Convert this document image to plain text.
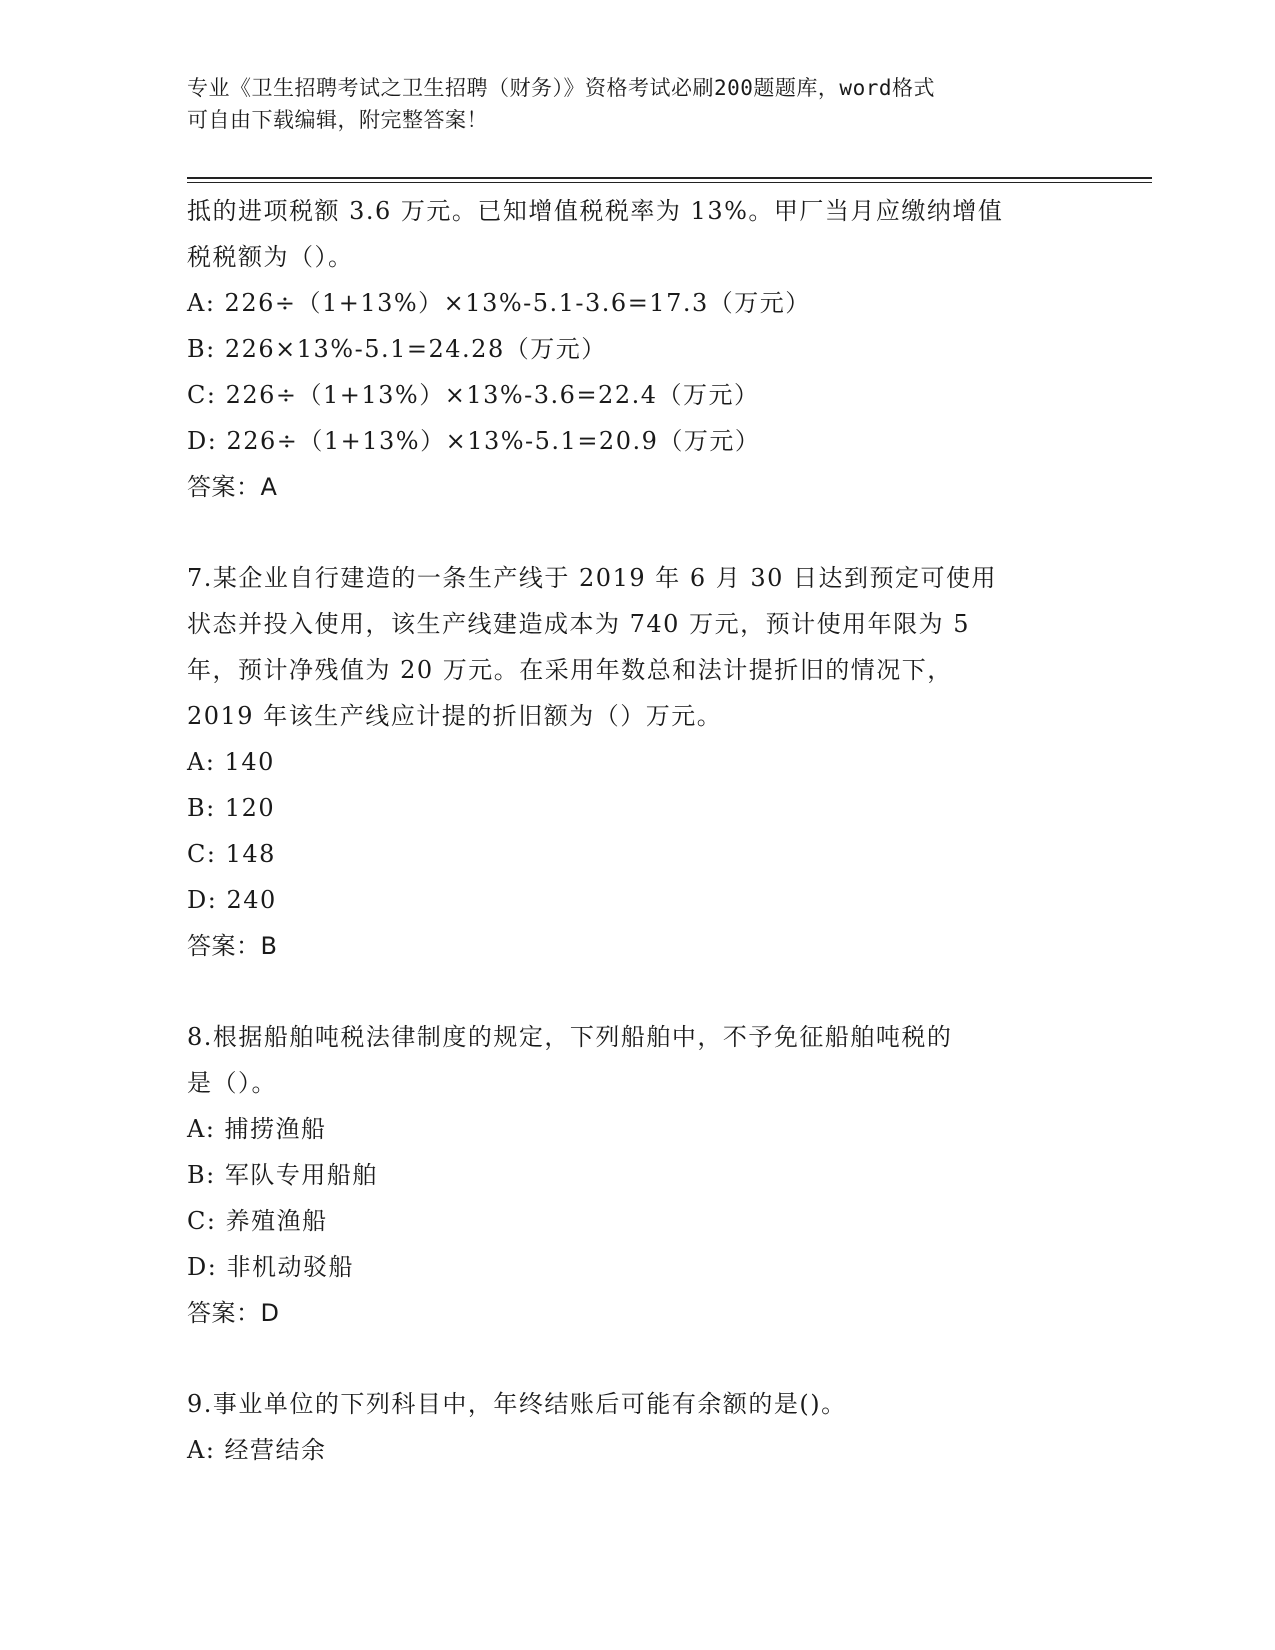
专业《卫生招聘考试之卫生招聘（财务）》资格考试必刷200题题库，word格式
可自由下载编辑，附完整答案！
抵的进项税额 3.6 万元。已知增值税税率为 13%。甲厂当月应缴纳增值
税税额为（）。
A: 226÷（1+13%）×13%-5.1-3.6=17.3（万元）
B: 226×13%-5.1=24.28（万元）
C: 226÷（1+13%）×13%-3.6=22.4（万元）
D: 226÷（1+13%）×13%-5.1=20.9（万元）
答案：A
7.某企业自行建造的一条生产线于 2019 年 6 月 30 日达到预定可使用
状态并投入使用，该生产线建造成本为 740 万元，预计使用年限为 5
年，预计净残值为 20 万元。在采用年数总和法计提折旧的情况下，
2019 年该生产线应计提的折旧额为（）万元。
A: 140
B: 120
C: 148
D: 240
答案：B
8.根据船舶吨税法律制度的规定，下列船舶中，不予免征船舶吨税的
是（）。
A: 捕捞渔船
B: 军队专用船舶
C: 养殖渔船
D: 非机动驳船
答案：D
9.事业单位的下列科目中，年终结账后可能有余额的是()。
A: 经营结余
